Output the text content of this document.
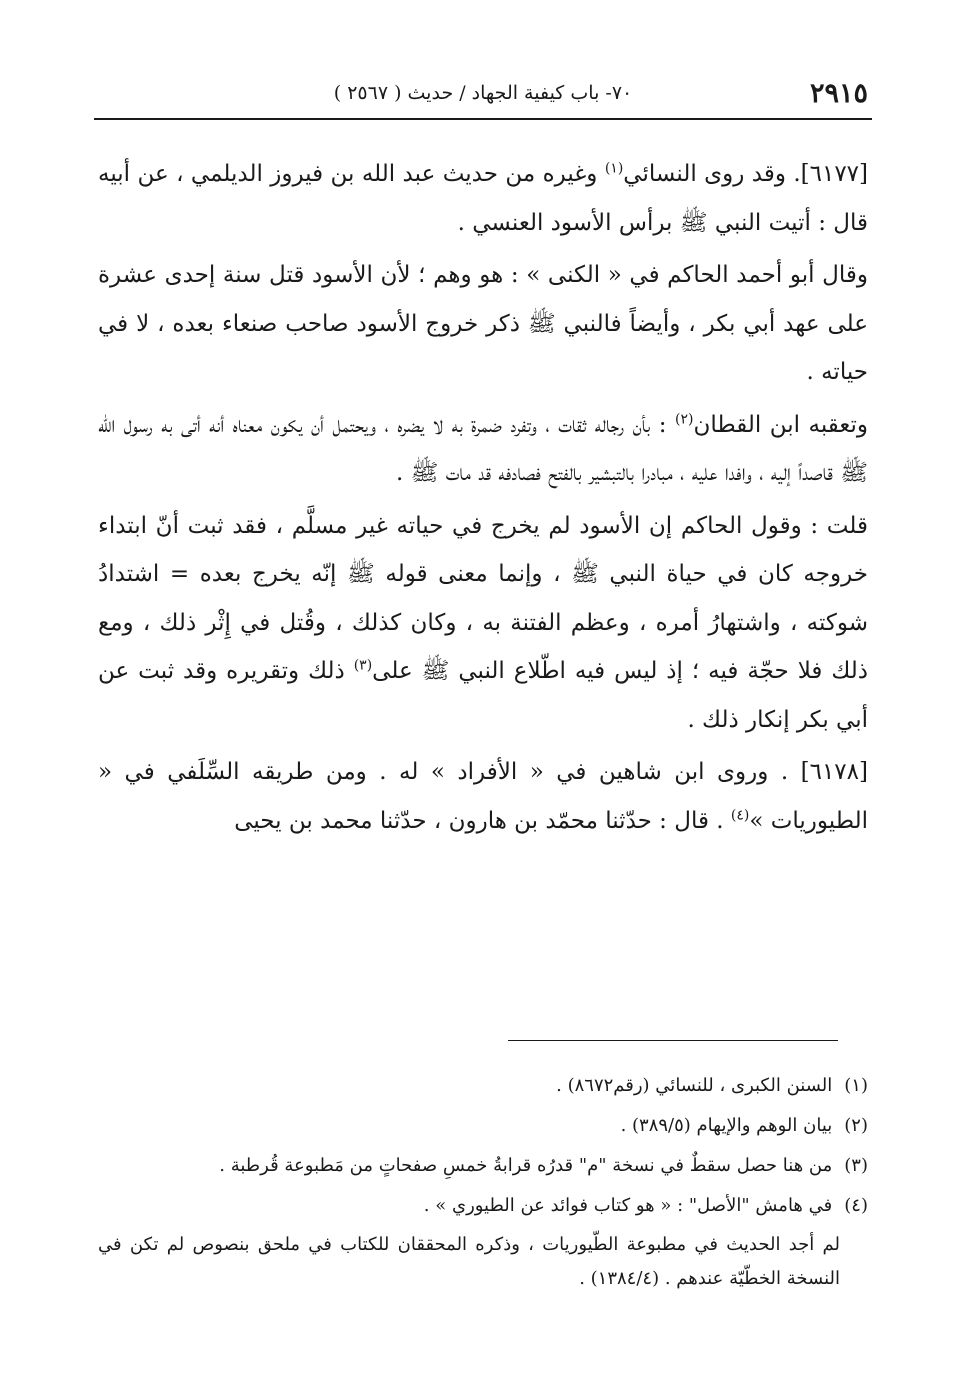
٢٩١٥
٧٠- باب كيفية الجهاد / حديث ( ٢٥٦٧ )

[٦١٧٧]. وقد روى النسائي$^{(١)}$ وغيره من حديث عبد الله بن فيروز الديلمي ، عن أبيه قال : أتيت النبي ﷺ برأس الأسود العنسي .

وقال أبو أحمد الحاكم في « الكنى » : هو وهم ؛ لأن الأسود قتل سنة إحدى عشرة على عهد أبي بكر ، وأيضاً فالنبي ﷺ ذكر خروج الأسود صاحب صنعاء بعده ، لا في حياته .

وتعقبه ابن القطان$^{(٢)}$ : بأن رجاله ثقات ، وتفرد ضمرة به لا يضره ، ويحتمل أن يكون معناه أنه أتى به رسول الله ﷺ قاصداً إليه ، وافدا عليه ، مبادرا بالتبشير بالفتح فصادفه قد مات ﷺ .

قلت : وقول الحاكم إن الأسود لم يخرج في حياته غير مسلَّم ، فقد ثبت أنّ ابتداء خروجه كان في حياة النبي ﷺ ، وإنما معنى قوله ﷺ إنّه يخرج بعده = اشتدادُ شوكته ، واشتهارُ أمره ، وعظم الفتنة به ، وكان كذلك ، وقُتل في إِثْر ذلك ، ومع ذلك فلا حجّة فيه ؛ إذ ليس فيه اطّلاع النبي ﷺ على$^{(٣)}$ ذلك وتقريره وقد ثبت عن أبي بكر إنكار ذلك .

[٦١٧٨] . وروى ابن شاهين في « الأفراد » له . ومن طريقه السِّلَفي في « الطيوريات »$^{(٤)}$ . قال : حدّثنا محمّد بن هارون ، حدّثنا محمد بن يحيى

(١) السنن الكبرى ، للنسائي (رقم٨٦٧٢) .
(٢) بيان الوهم والإيهام (٣٨٩/٥) .
(٣) من هنا حصل سقطٌ في نسخة "م" قدرُه قرابةُ خمسِ صفحاتٍ من مَطبوعة قُرطبة .
(٤) في هامش "الأصل" : « هو كتاب فوائد عن الطيوري » .
لم أجد الحديث في مطبوعة الطّيوريات ، وذكره المحققان للكتاب في ملحق بنصوص لم تكن في النسخة الخطّيّة عندهم . (١٣٨٤/٤) .
